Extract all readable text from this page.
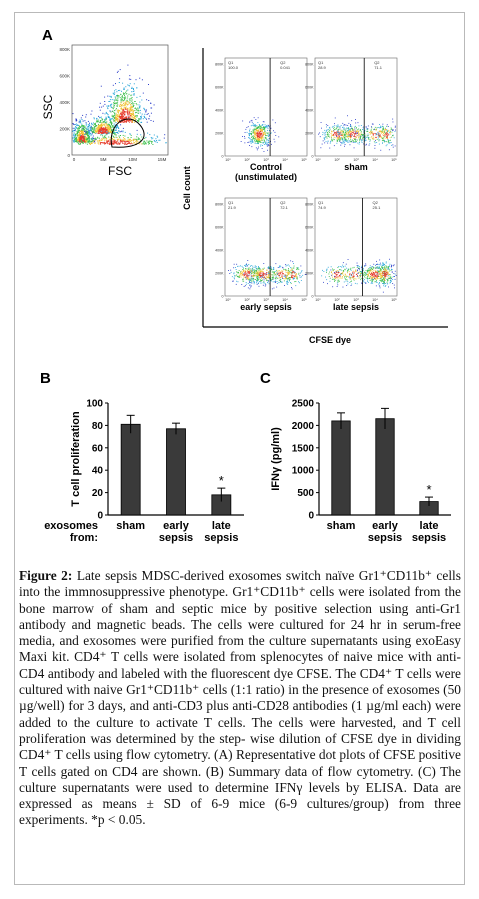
A
0
200K
400K
600K
800K
0	5M	10M	15M
SSC
FSC	Cell count
CFSE dye
0
200K
400K
600K
800K
10⁰	10²	10³	10⁴	10⁵
Q1
100.0
Q2
0.041
Control
(unstimulated)
0
200K
400K
600K
800K
10⁰	10²	10³	10⁴	10⁵
Q1
28.9
Q2
71.1
sham
0
200K
400K
600K
800K
10⁰	10²	10³	10⁴	10⁵
Q1
21.9
Q2
72.1
early sepsis
0
200K
400K
600K
800K
10⁰	10²	10³	10⁴	10⁵
Q1
74.9
Q2
25.1
late sepsis
B	C
0
20
40
60
80
100
T cell proliferation
sham early
sepsis
*
late
sepsis
exosomes
from:
0
500
1000
1500
2000
2500
IFNγ (pg/ml)
sham early
sepsis
*
late
sepsis
Figure 2: Late sepsis MDSC-derived exosomes switch naïve Gr1⁺CD11b⁺ cells into the immnosuppressive phenotype. Gr1⁺CD11b⁺ cells were isolated from the bone marrow of sham and septic mice by positive selection using anti-Gr1 antibody and magnetic beads. The cells were cultured for 24 hr in serum-free media, and exosomes were purified from the culture supernatants using exoEasy Maxi kit. CD4⁺ T cells were isolated from splenocytes of naive mice with anti-CD4 antibody and labeled with the fluorescent dye CFSE. The CD4⁺ T cells were cultured with naive Gr1⁺CD11b⁺ cells (1:1 ratio) in the presence of exosomes (50 µg/well) for 3 days, and anti-CD3 plus anti-CD28 antibodies (1 µg/ml each) were added to the culture to activate T cells. The cells were harvested, and T cell proliferation was determined by the step- wise dilution of CFSE dye in dividing CD4⁺ T cells using flow cytometry. (A) Representative dot plots of CFSE positive T cells gated on CD4 are shown. (B) Summary data of flow cytometry. (C) The culture supernatants were used to determine IFNγ levels by ELISA. Data are expressed as means ± SD of 6-9 mice (6-9 cultures/group) from three experiments. *p < 0.05.
